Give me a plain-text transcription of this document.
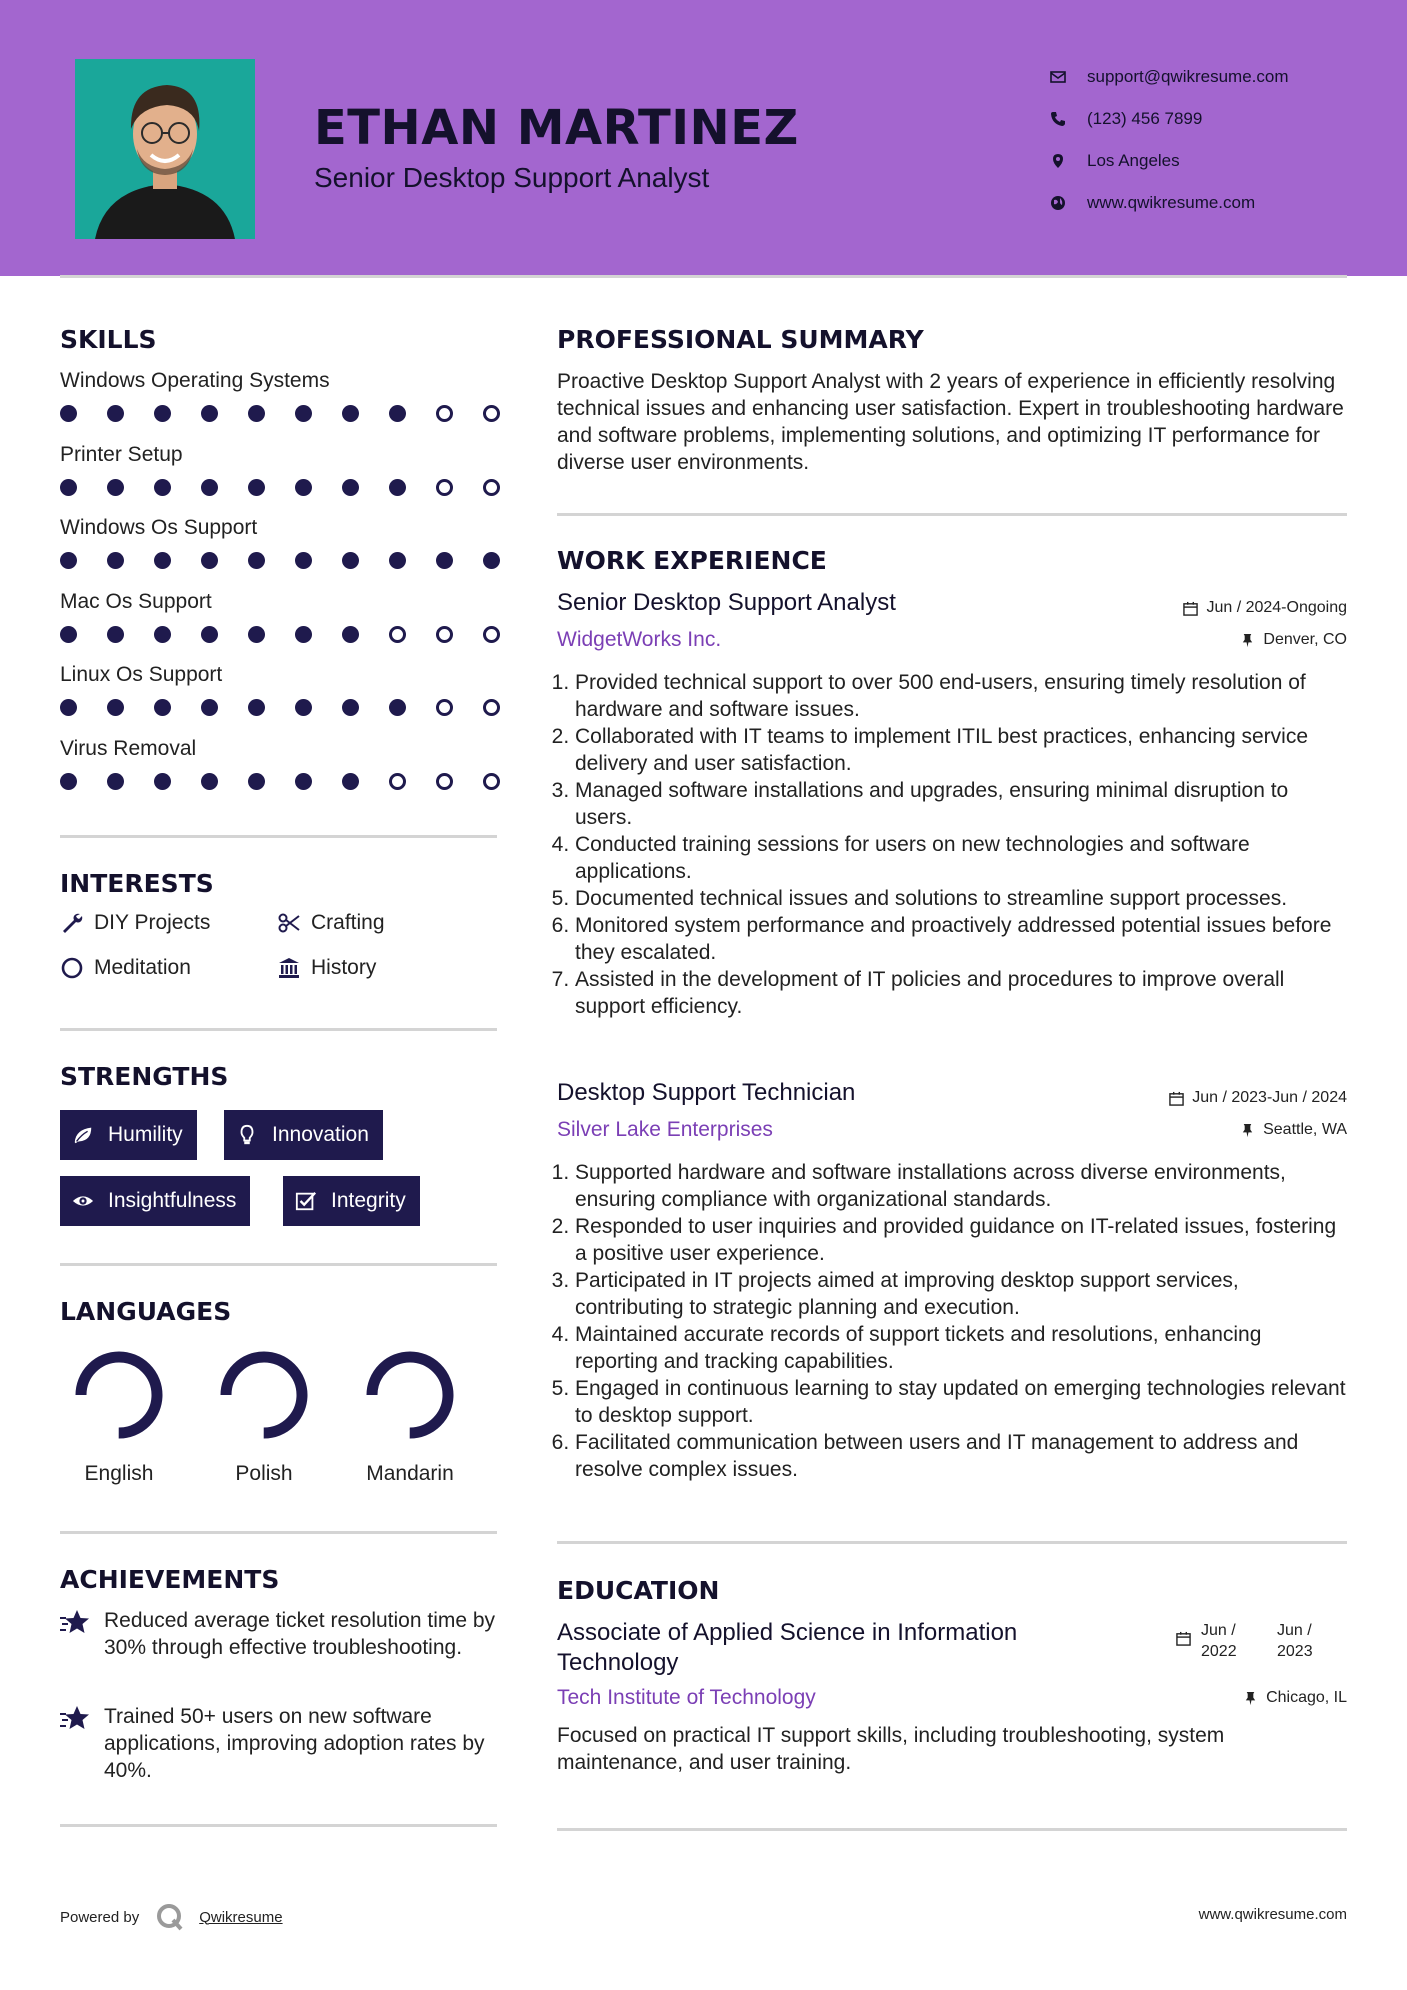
ETHAN MARTINEZ
Senior Desktop Support Analyst
support@qwikresume.com
(123) 456 7899
Los Angeles
www.qwikresume.com
SKILLS
Windows Operating Systems
Printer Setup
Windows Os Support
Mac Os Support
Linux Os Support
Virus Removal
INTERESTS
DIY Projects	Crafting
Meditation	History
STRENGTHS
Humility	Innovation
Insightfulness	Integrity
LANGUAGES
English	Polish	Mandarin
ACHIEVEMENTS
Reduced average ticket resolution time by 30% through effective troubleshooting.
Trained 50+ users on new software applications, improving adoption rates by 40%.
PROFESSIONAL SUMMARY
Proactive Desktop Support Analyst with 2 years of experience in efficiently resolving technical issues and enhancing user satisfaction. Expert in troubleshooting hardware and software problems, implementing solutions, and optimizing IT performance for diverse user environments.
WORK EXPERIENCE
Senior Desktop Support Analyst	Jun / 2024-Ongoing
WidgetWorks Inc.	Denver, CO
1. Provided technical support to over 500 end-users, ensuring timely resolution of hardware and software issues.
2. Collaborated with IT teams to implement ITIL best practices, enhancing service delivery and user satisfaction.
3. Managed software installations and upgrades, ensuring minimal disruption to users.
4. Conducted training sessions for users on new technologies and software applications.
5. Documented technical issues and solutions to streamline support processes.
6. Monitored system performance and proactively addressed potential issues before they escalated.
7. Assisted in the development of IT policies and procedures to improve overall support efficiency.
Desktop Support Technician	Jun / 2023-Jun / 2024
Silver Lake Enterprises	Seattle, WA
1. Supported hardware and software installations across diverse environments, ensuring compliance with organizational standards.
2. Responded to user inquiries and provided guidance on IT-related issues, fostering a positive user experience.
3. Participated in IT projects aimed at improving desktop support services, contributing to strategic planning and execution.
4. Maintained accurate records of support tickets and resolutions, enhancing reporting and tracking capabilities.
5. Engaged in continuous learning to stay updated on emerging technologies relevant to desktop support.
6. Facilitated communication between users and IT management to address and resolve complex issues.
EDUCATION
Associate of Applied Science in Information Technology
Jun /
2022
Jun /
2023
Tech Institute of Technology	Chicago, IL
Focused on practical IT support skills, including troubleshooting, system maintenance, and user training.
Powered by	Qwikresume	www.qwikresume.com
